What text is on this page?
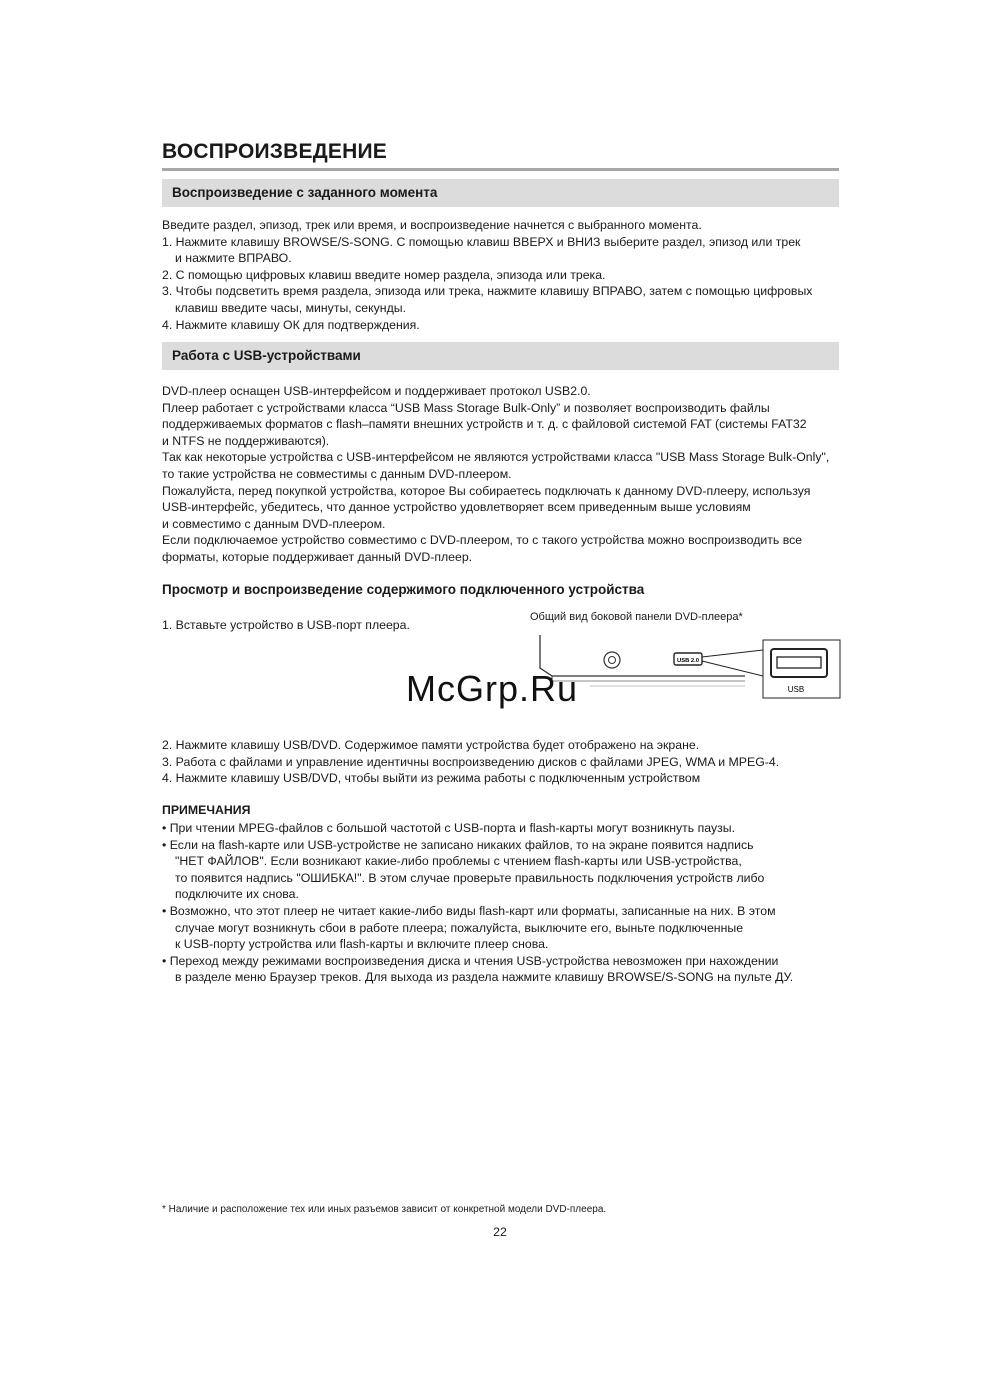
ВОСПРОИЗВЕДЕНИЕ
Воспроизведение с заданного момента

Введите раздел, эпизод, трек или время, и воспроизведение начнется с выбранного момента.

1. Нажмите клавишу BROWSE/S-SONG. С помощью клавиш ВВЕРХ и ВНИЗ выберите раздел, эпизод или трек

и нажмите ВПРАВО.

2. С помощью цифровых клавиш введите номер раздела, эпизода или трека.

3. Чтобы подсветить время раздела, эпизода или трека, нажмите клавишу ВПРАВО, затем с помощью цифровых

клавиш введите часы, минуты, секунды.

4. Нажмите клавишу ОК для подтверждения.

Работа с USB-устройствами

DVD-плеер оснащен USB-интерфейсом и поддерживает протокол USB2.0.

Плеер работает с устройствами класса “USB Mass Storage Bulk-Only” и позволяет воспроизводить файлы

поддерживаемых форматов с flash–памяти внешних устройств и т. д. с файловой системой FAT (системы FAT32

и NTFS не поддерживаются).

Так как некоторые устройства с USB-интерфейсом не являются устройствами класса "USB Mass Storage Bulk-Only",

то такие устройства не совместимы с данным DVD-плеером.

Пожалуйста, перед покупкой устройства, которое Вы собираетесь подключать к данному DVD-плееру, используя

USB-интерфейс, убедитесь, что данное устройство удовлетворяет всем приведенным выше условиям

и совместимо с данным DVD-плеером.

Если подключаемое устройство совместимо с DVD-плеером, то с такого устройства можно воспроизводить все

форматы, которые поддерживает данный DVD-плеер.

Просмотр и воспроизведение содержимого подключенного устройства

1. Вставьте устройство в USB-порт плеера.

Общий вид боковой панели DVD-плеера*
USB 2.0
USB
McGrp.Ru

2. Нажмите клавишу USB/DVD. Содержимое памяти устройства будет отображено на экране.

3. Работа с файлами и управление идентичны воспроизведению дисков с файлами JPEG, WMA и MPEG-4.

4. Нажмите клавишу USB/DVD, чтобы выйти из режима работы с подключенным устройством

ПРИМЕЧАНИЯ

• При чтении MPEG-файлов с большой частотой с USB-порта и flash-карты могут возникнуть паузы.

• Если на flash-карте или USB-устройстве не записано никаких файлов, то на экране появится надпись

"НЕТ ФАЙЛОВ". Если возникают какие-либо проблемы с чтением flash-карты или USB-устройства,

то появится надпись "ОШИБКА!". В этом случае проверьте правильность подключения устройств либо

подключите их снова.

• Возможно, что этот плеер не читает какие-либо виды flash-карт или форматы, записанные на них. В этом

случае могут возникнуть сбои в работе плеера; пожалуйста, выключите его, выньте подключенные

к USB-порту устройства или flash-карты и включите плеер снова.

• Переход между режимами воспроизведения диска и чтения USB-устройства невозможен при нахождении

в разделе меню Браузер треков. Для выхода из раздела нажмите клавишу BROWSE/S-SONG на пульте ДУ.

* Наличие и расположение тех или иных разъемов зависит от конкретной модели DVD-плеера.
22
